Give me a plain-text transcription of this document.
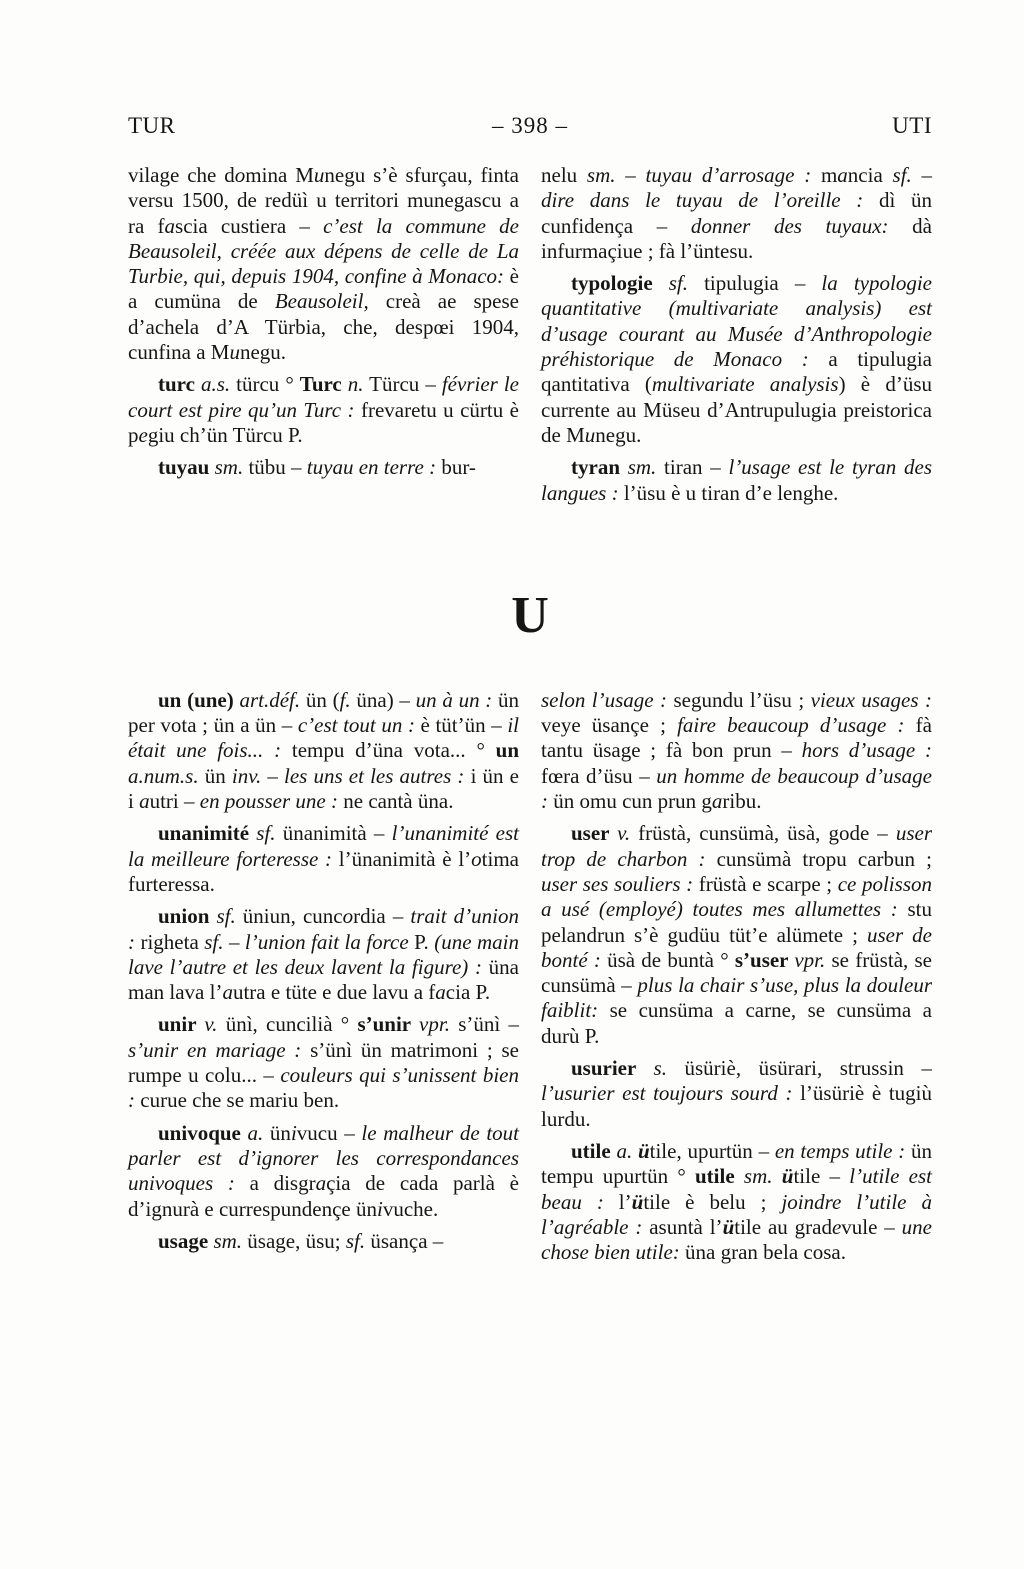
TUR	– 398 –	UTI

vilage che domina Munegu s’è sfurçau, finta versu 1500, de redüì u territori munegascu a ra fascia custiera – c’est la commune de Beausoleil, créée aux dépens de celle de La Turbie, qui, depuis 1904, confine à Monaco: è a cumüna de Beausoleil, creà ae spese d’achela d’A Türbia, che, despœi 1904, cunfina a Munegu.

turc a.s. türcu ° Turc n. Türcu – février le court est pire qu’un Turc : frevaretu u cürtu è pegiu ch’ün Türcu P.

tuyau sm. tübu – tuyau en terre : bur-

nelu sm. – tuyau d’arrosage : mancia sf. – dire dans le tuyau de l’oreille : dì ün cunfidença – donner des tuyaux: dà infurmaçiue ; fà l’üntesu.

typologie sf. tipulugia – la typologie quantitative (multivariate analysis) est d’usage courant au Musée d’Anthropologie préhistorique de Monaco : a tipulugia qantitativa (multivariate analysis) è d’üsu currente au Müseu d’Antrupulugia preistorica de Munegu.

tyran sm. tiran – l’usage est le tyran des langues : l’üsu è u tiran d’e lenghe.

U

un (une) art.déf. ün (f. üna) – un à un : ün per vota ; ün a ün – c’est tout un : è tüt’ün – il était une fois... : tempu d’üna vota... ° un a.num.s. ün inv. – les uns et les autres : i ün e i autri – en pousser une : ne cantà üna.

unanimité sf. ünanimità – l’unanimité est la meilleure forteresse : l’ünanimità è l’otima furteressa.

union sf. üniun, cuncordia – trait d’union : righeta sf. – l’union fait la force P. (une main lave l’autre et les deux lavent la figure) : üna man lava l’autra e tüte e due lavu a facia P.

unir v. ünì, cuncilià ° s’unir vpr. s’ünì – s’unir en mariage : s’ünì ün matrimoni ; se rumpe u colu... – couleurs qui s’unissent bien : curue che se mariu ben.

univoque a. ünivucu – le malheur de tout parler est d’ignorer les correspondances univoques : a disgraçia de cada parlà è d’ignurà e currespundençe ünivuche.

usage sm. üsage, üsu; sf. üsança –

selon l’usage : segundu l’üsu ; vieux usages : veye üsançe ; faire beaucoup d’usage : fà tantu üsage ; fà bon prun – hors d’usage : fœra d’üsu – un homme de beaucoup d’usage : ün omu cun prun garibu.

user v. früstà, cunsümà, üsà, gode – user trop de charbon : cunsümà tropu carbun ; user ses souliers : früstà e scarpe ; ce polisson a usé (employé) toutes mes allumettes : stu pelandrun s’è gudüu tüt’e alümete ; user de bonté : üsà de buntà ° s’user vpr. se früstà, se cunsümà – plus la chair s’use, plus la douleur faiblit: se cunsüma a carne, se cunsüma a durù P.

usurier s. üsüriè, üsürari, strussin – l’usurier est toujours sourd : l’üsüriè è tugiù lurdu.

utile a. ütile, upurtün – en temps utile : ün tempu upurtün ° utile sm. ütile – l’utile est beau : l’ütile è belu ; joindre l’utile à l’agréable : asuntà l’ütile au gradevule – une chose bien utile: üna gran bela cosa.
